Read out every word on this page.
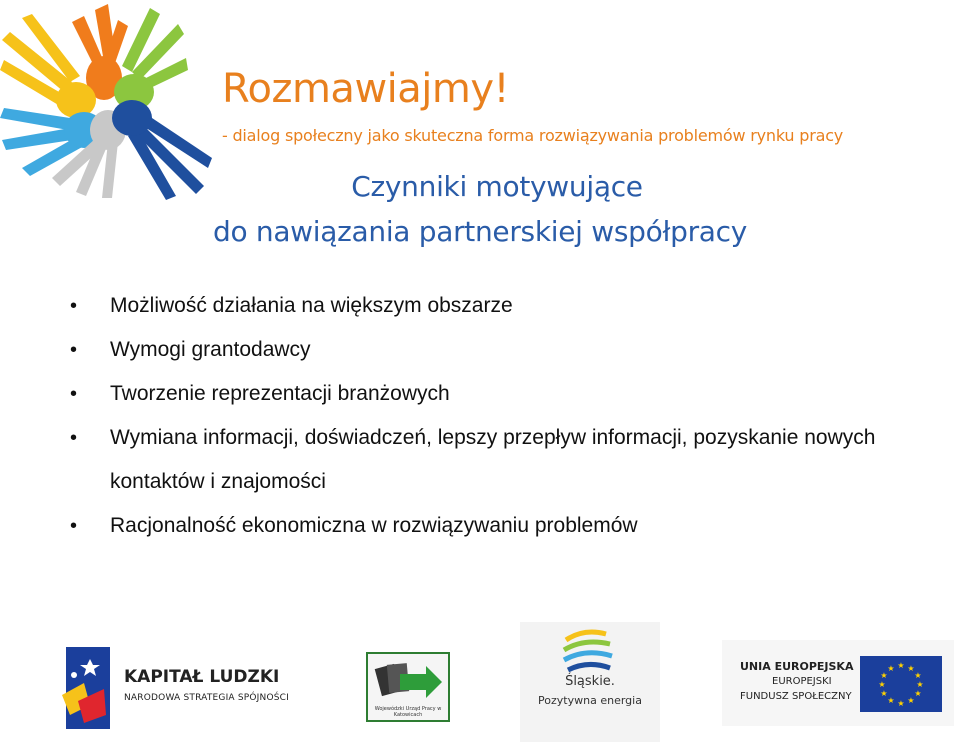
Rozmawiajmy!
- dialog społeczny jako skuteczna forma rozwiązywania problemów rynku pracy
Czynniki motywujące
do nawiązania partnerskiej współpracy
• Możliwość działania na większym obszarze
• Wymogi grantodawcy
• Tworzenie reprezentacji branżowych
• Wymiana informacji, doświadczeń, lepszy przepływ informacji, pozyskanie nowych kontaktów i znajomości
• Racjonalność ekonomiczna w rozwiązywaniu problemów
KAPITAŁ LUDZKI
NARODOWA STRATEGIA SPÓJNOŚCI
Wojewódzki Urząd Pracy w Katowicach
Śląskie.
Pozytywna energia
UNIA EUROPEJSKA
EUROPEJSKI
FUNDUSZ SPOŁECZNY
★ ★
★
★
★
★
★
★
★
★
★
★
